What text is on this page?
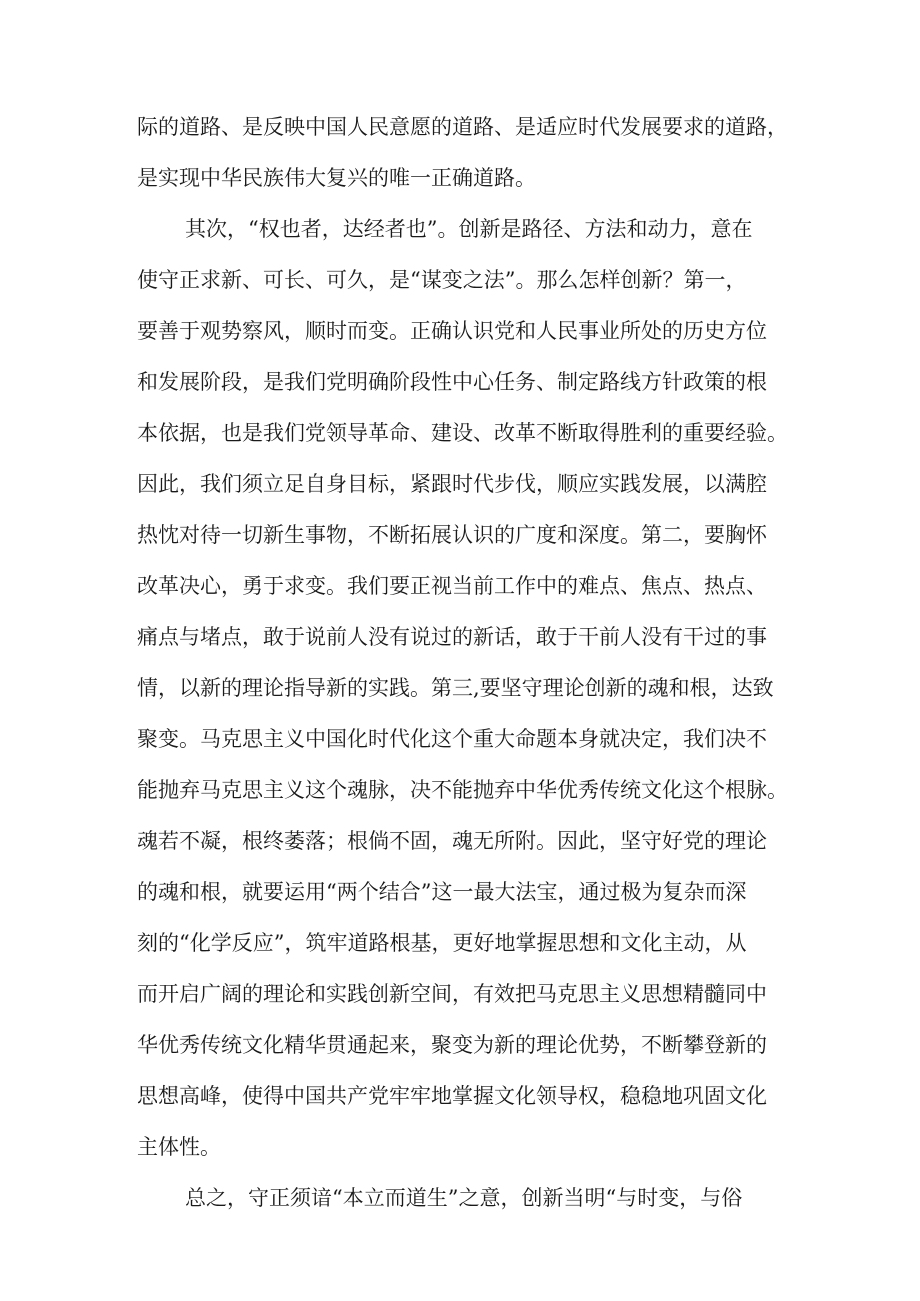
际的道路、是反映中国人民意愿的道路、是适应时代发展要求的道路，
是实现中华民族伟大复兴的唯一正确道路。
其次，“权也者，达经者也”。创新是路径、方法和动力，意在
使守正求新、可长、可久，是“谋变之法”。那么怎样创新？第一，
要善于观势察风，顺时而变。正确认识党和人民事业所处的历史方位
和发展阶段，是我们党明确阶段性中心任务、制定路线方针政策的根
本依据，也是我们党领导革命、建设、改革不断取得胜利的重要经验。
因此，我们须立足自身目标，紧跟时代步伐，顺应实践发展，以满腔
热忱对待一切新生事物，不断拓展认识的广度和深度。第二，要胸怀
改革决心，勇于求变。我们要正视当前工作中的难点、焦点、热点、
痛点与堵点，敢于说前人没有说过的新话，敢于干前人没有干过的事
情，以新的理论指导新的实践。第三,要坚守理论创新的魂和根，达致
聚变。马克思主义中国化时代化这个重大命题本身就决定，我们决不
能抛弃马克思主义这个魂脉，决不能抛弃中华优秀传统文化这个根脉。
魂若不凝，根终萎落；根倘不固，魂无所附。因此，坚守好党的理论
的魂和根，就要运用“两个结合”这一最大法宝，通过极为复杂而深
刻的“化学反应”，筑牢道路根基，更好地掌握思想和文化主动，从
而开启广阔的理论和实践创新空间，有效把马克思主义思想精髓同中
华优秀传统文化精华贯通起来，聚变为新的理论优势，不断攀登新的
思想高峰，使得中国共产党牢牢地掌握文化领导权，稳稳地巩固文化
主体性。
总之，守正须谙“本立而道生”之意，创新当明“与时变，与俗
